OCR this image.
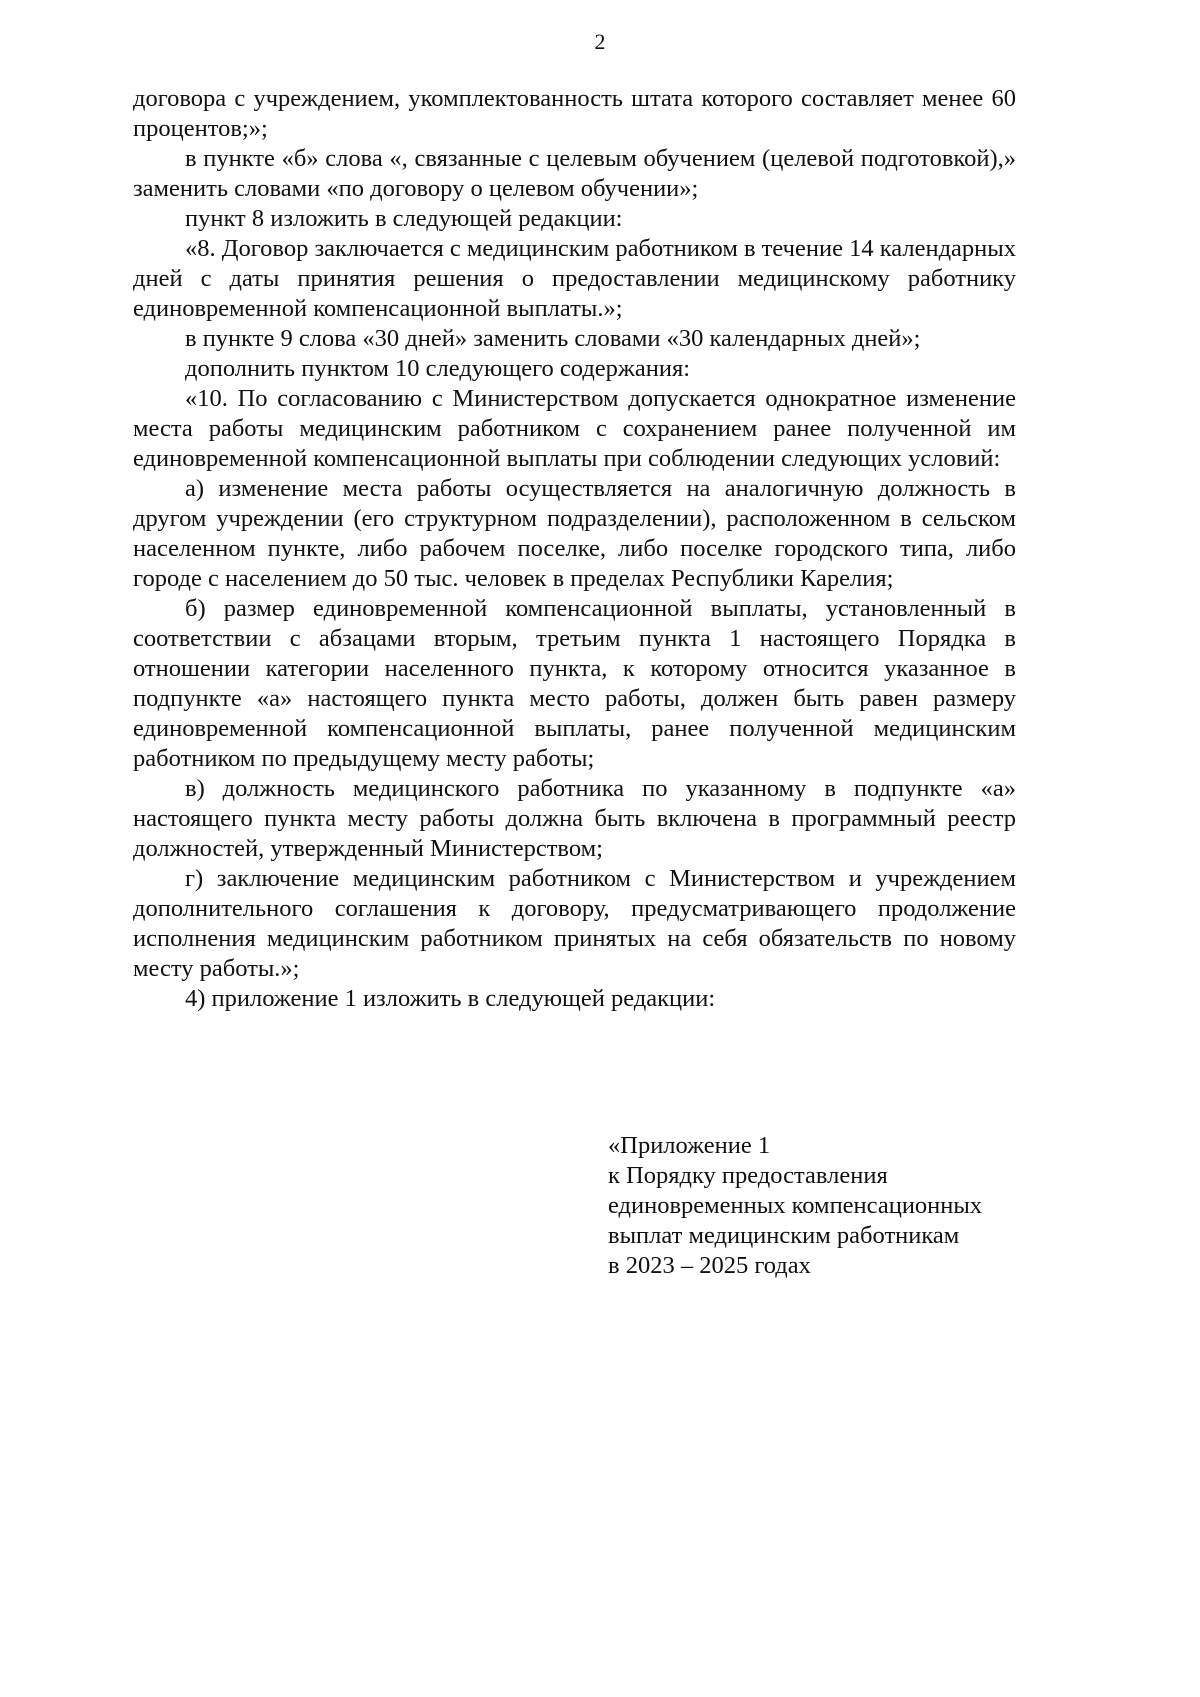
2

договора с учреждением, укомплектованность штата которого составляет менее 60 процентов;»;

в пункте «б» слова «, связанные с целевым обучением (целевой подготовкой),» заменить словами «по договору о целевом обучении»;

пункт 8 изложить в следующей редакции:

«8. Договор заключается с медицинским работником в течение 14 календарных дней с даты принятия решения о предоставлении медицинскому работнику единовременной компенсационной выплаты.»;

в пункте 9 слова «30 дней» заменить словами «30 календарных дней»;

дополнить пунктом 10 следующего содержания:

«10. По согласованию с Министерством допускается однократное изменение места работы медицинским работником с сохранением ранее полученной им единовременной компенсационной выплаты при соблюдении следующих условий:

а) изменение места работы осуществляется на аналогичную должность в другом учреждении (его структурном подразделении), расположенном в сельском населенном пункте, либо рабочем поселке, либо поселке городского типа, либо городе с населением до 50 тыс. человек в пределах Республики Карелия;

б) размер единовременной компенсационной выплаты, установленный в соответствии с абзацами вторым, третьим пункта 1 настоящего Порядка в отношении категории населенного пункта, к которому относится указанное в подпункте «а» настоящего пункта место работы, должен быть равен размеру единовременной компенсационной выплаты, ранее полученной медицинским работником по предыдущему месту работы;

в) должность медицинского работника по указанному в подпункте «а» настоящего пункта месту работы должна быть включена в программный реестр должностей, утвержденный Министерством;

г) заключение медицинским работником с Министерством и учреждением дополнительного соглашения к договору, предусматривающего продолжение исполнения медицинским работником принятых на себя обязательств по новому месту работы.»;

4) приложение 1 изложить в следующей редакции:

«Приложение 1
к Порядку предоставления
единовременных компенсационных
выплат медицинским работникам
в 2023 – 2025 годах
